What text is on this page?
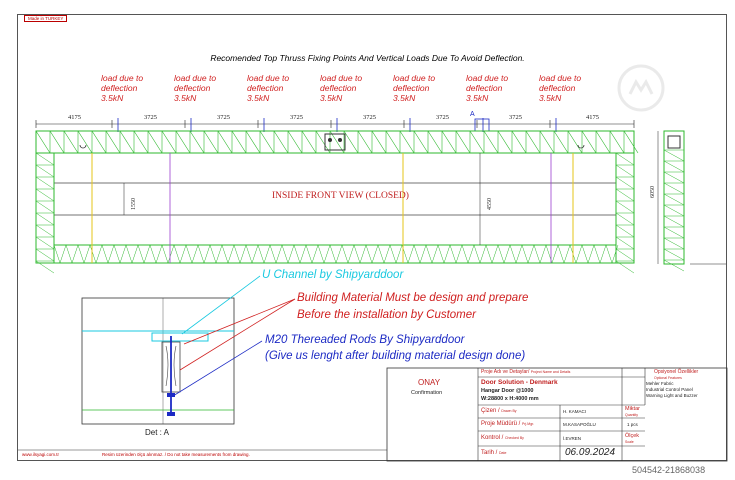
Made in TURKEY
Recomended Top Thruss Fixing Points And Vertical Loads Due To Avoid Deflection.
load due to
deflection
3.5kN
load due to
deflection
3.5kN
load due to
deflection
3.5kN
load due to
deflection
3.5kN
load due to
deflection
3.5kN
load due to
deflection
3.5kN
load due to
deflection
3.5kN
4175	3725	3725	3725	3725	3725	3725	4175
A
1550	4550
6050
INSIDE FRONT VIEW (CLOSED)
U Channel by Shipyarddoor
Building Material Must be design and prepare
Before the installation by Customer
M20 Thereaded Rods By Shipyarddoor
(Give us lenght after building material design done)
Det : A
ONAY
Confirmation
Proje Adı ve Detaylar/ Project Name and Details
Door Solution - Denmark
Hangar Door @1000
W:28800 x H:4000 mm
Opsiyonel Özellikler
Optional Features
Mehler Fabric
Industrial Control Panel
Warning Light and Buzzer
Çizen / Drawn By	H. KAMACI
Proje Müdürü / Prj.Mgr.	M.KASAPOĞLU
Kontrol / Checked By	İ.EVREN
Tarih / Date	06.09.2024
Miktar
Quantity
1 pcs
Ölçek
Scale
www.ilsyagi.com.tr	Resim üzerinden ölçü alınmaz. / Do not take measurements from drawing.
504542-21868038
